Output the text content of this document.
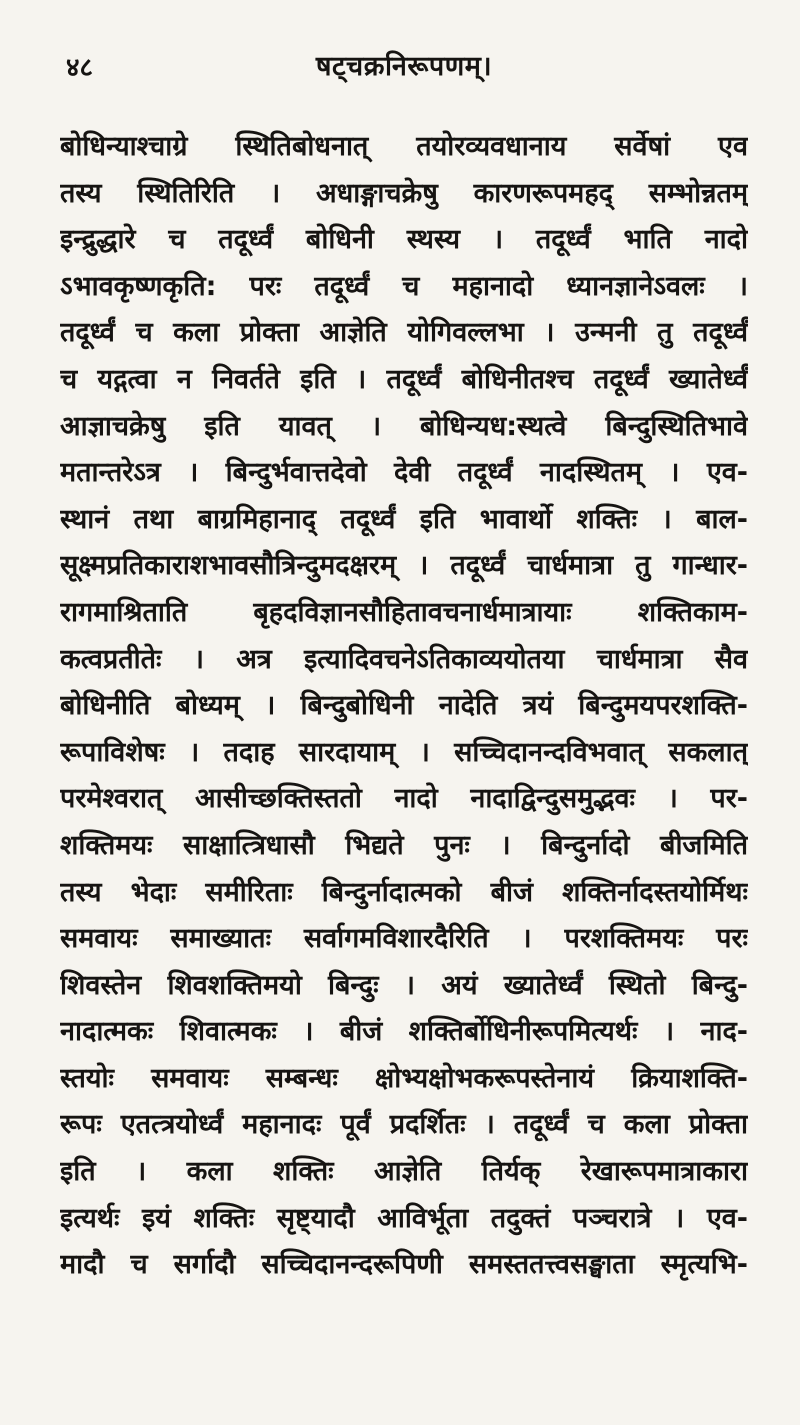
४८	षट्चक्रनिरूपणम्।
बोधिन्याश्चाग्रे स्थितिबोधनात् तयोरव्यवधानाय सर्वेषां एव
तस्य स्थितिरिति । अधाङ्गाचक्रेषु कारणरूपमहद् सम्भोन्नतम्
इन्द्रुद्धारे च तदूर्ध्वं बोधिनी स्थस्य । तदूर्ध्वं भाति नादो
ऽभावकृष्णकृति: परः तदूर्ध्वं च महानादो ध्यानज्ञानेऽवलः ।
तदूर्ध्वं च कला प्रोक्ता आज्ञेति योगिवल्लभा । उन्मनी तु तदूर्ध्वं
च यद्गत्वा न निवर्तते इति । तदूर्ध्वं बोधिनीतश्च तदूर्ध्वं ख्यातेर्ध्वं
आज्ञाचक्रेषु इति यावत् । बोधिन्यध:स्थत्वे बिन्दुस्थितिभावे
मतान्तरेऽत्र । बिन्दुर्भवात्तदेवो देवी तदूर्ध्वं नादस्थितम् । एव-
स्थानं तथा बाग्रमिहानाद् तदूर्ध्वं इति भावार्थो शक्तिः । बाल-
सूक्ष्मप्रतिकाराशभावसौत्रिन्दुमदक्षरम् । तदूर्ध्वं चार्धमात्रा तु गान्धार-
रागमाश्रिताति बृहदविज्ञानसौहितावचनार्धमात्रायाः शक्तिकाम-
कत्वप्रतीतेः । अत्र इत्यादिवचनेऽतिकाव्ययोतया चार्धमात्रा सैव
बोधिनीति बोध्यम् । बिन्दुबोधिनी नादेति त्रयं बिन्दुमयपरशक्ति-
रूपाविशेषः । तदाह सारदायाम् । सच्चिदानन्दविभवात् सकलात्
परमेश्वरात् आसीच्छक्तिस्ततो नादो नादाद्विन्दुसमुद्भवः । पर-
शक्तिमयः साक्षात्त्रिधासौ भिद्यते पुनः । बिन्दुर्नादो बीजमिति
तस्य भेदाः समीरिताः बिन्दुर्नादात्मको बीजं शक्तिर्नादस्तयोर्मिथः
समवायः समाख्यातः सर्वागमविशारदैरिति । परशक्तिमयः परः
शिवस्तेन शिवशक्तिमयो बिन्दुः । अयं ख्यातेर्ध्वं स्थितो बिन्दु-
नादात्मकः शिवात्मकः । बीजं शक्तिर्बोधिनीरूपमित्यर्थः । नाद-
स्तयोः समवायः सम्बन्धः क्षोभ्यक्षोभकरूपस्तेनायं क्रियाशक्ति-
रूपः एतत्त्रयोर्ध्वं महानादः पूर्वं प्रदर्शितः । तदूर्ध्वं च कला प्रोक्ता
इति । कला शक्तिः आज्ञेति तिर्यक् रेखारूपमात्राकारा
इत्यर्थः इयं शक्तिः सृष्ट्यादौ आविर्भूता तदुक्तं पञ्चरात्रे । एव-
मादौ च सर्गादौ सच्चिदानन्दरूपिणी समस्ततत्त्वसङ्घाता स्मृत्यभि-
